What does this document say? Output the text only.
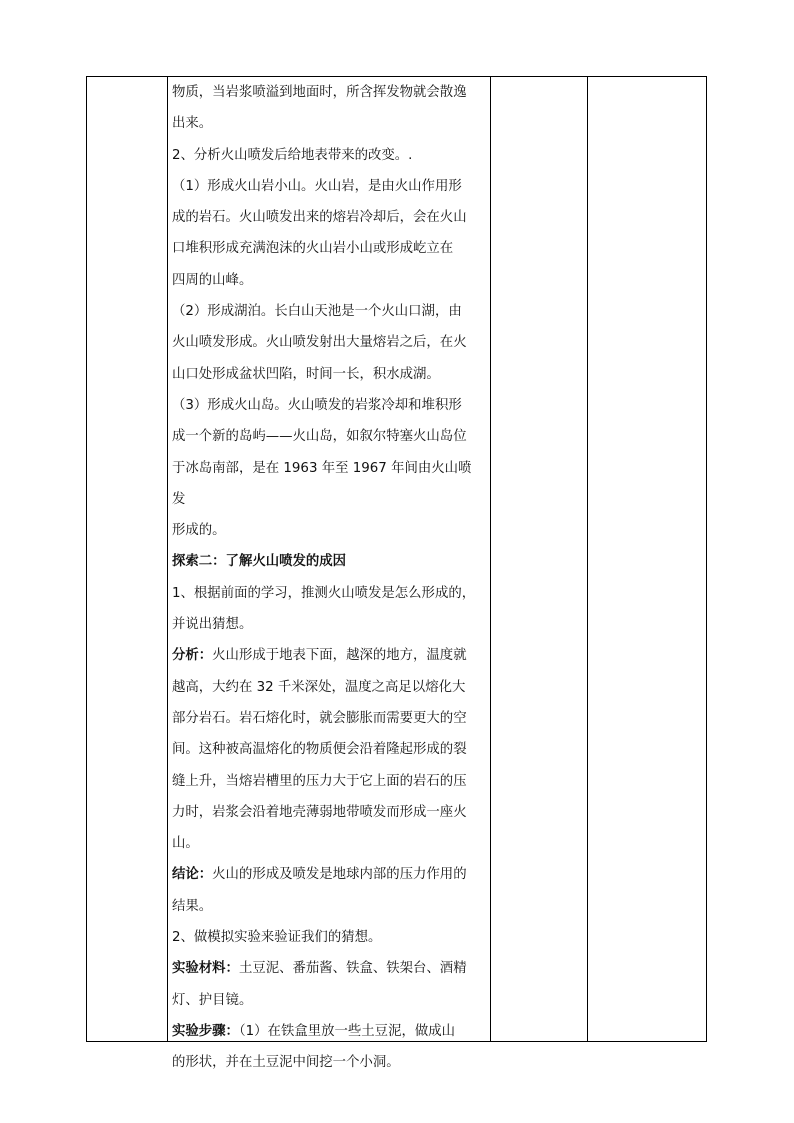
物质，当岩浆喷溢到地面时，所含挥发物就会散逸

出来。

2、分析火山喷发后给地表带来的改变。.

（1）形成火山岩小山。火山岩，是由火山作用形

成的岩石。火山喷发出来的熔岩冷却后，会在火山

口堆积形成充满泡沫的火山岩小山或形成屹立在

四周的山峰。

（2）形成湖泊。长白山天池是一个火山口湖，由

火山喷发形成。火山喷发射出大量熔岩之后，在火

山口处形成盆状凹陷，时间一长，积水成湖。

（3）形成火山岛。火山喷发的岩浆冷却和堆积形

成一个新的岛屿——火山岛，如叙尔特塞火山岛位

于冰岛南部，是在 1963 年至 1967 年间由火山喷发

形成的。

探索二：了解火山喷发的成因

1、根据前面的学习，推测火山喷发是怎么形成的，

并说出猜想。

分析：火山形成于地表下面，越深的地方，温度就

越高，大约在 32 千米深处，温度之高足以熔化大

部分岩石。岩石熔化时，就会膨胀而需要更大的空

间。这种被高温熔化的物质便会沿着隆起形成的裂

缝上升，当熔岩槽里的压力大于它上面的岩石的压

力时，岩浆会沿着地壳薄弱地带喷发而形成一座火

山。

结论：火山的形成及喷发是地球内部的压力作用的

结果。

2、做模拟实验来验证我们的猜想。

实验材料：土豆泥、番茄酱、铁盒、铁架台、酒精

灯、护目镜。

实验步骤：（1）在铁盒里放一些土豆泥，做成山

的形状，并在土豆泥中间挖一个小洞。
